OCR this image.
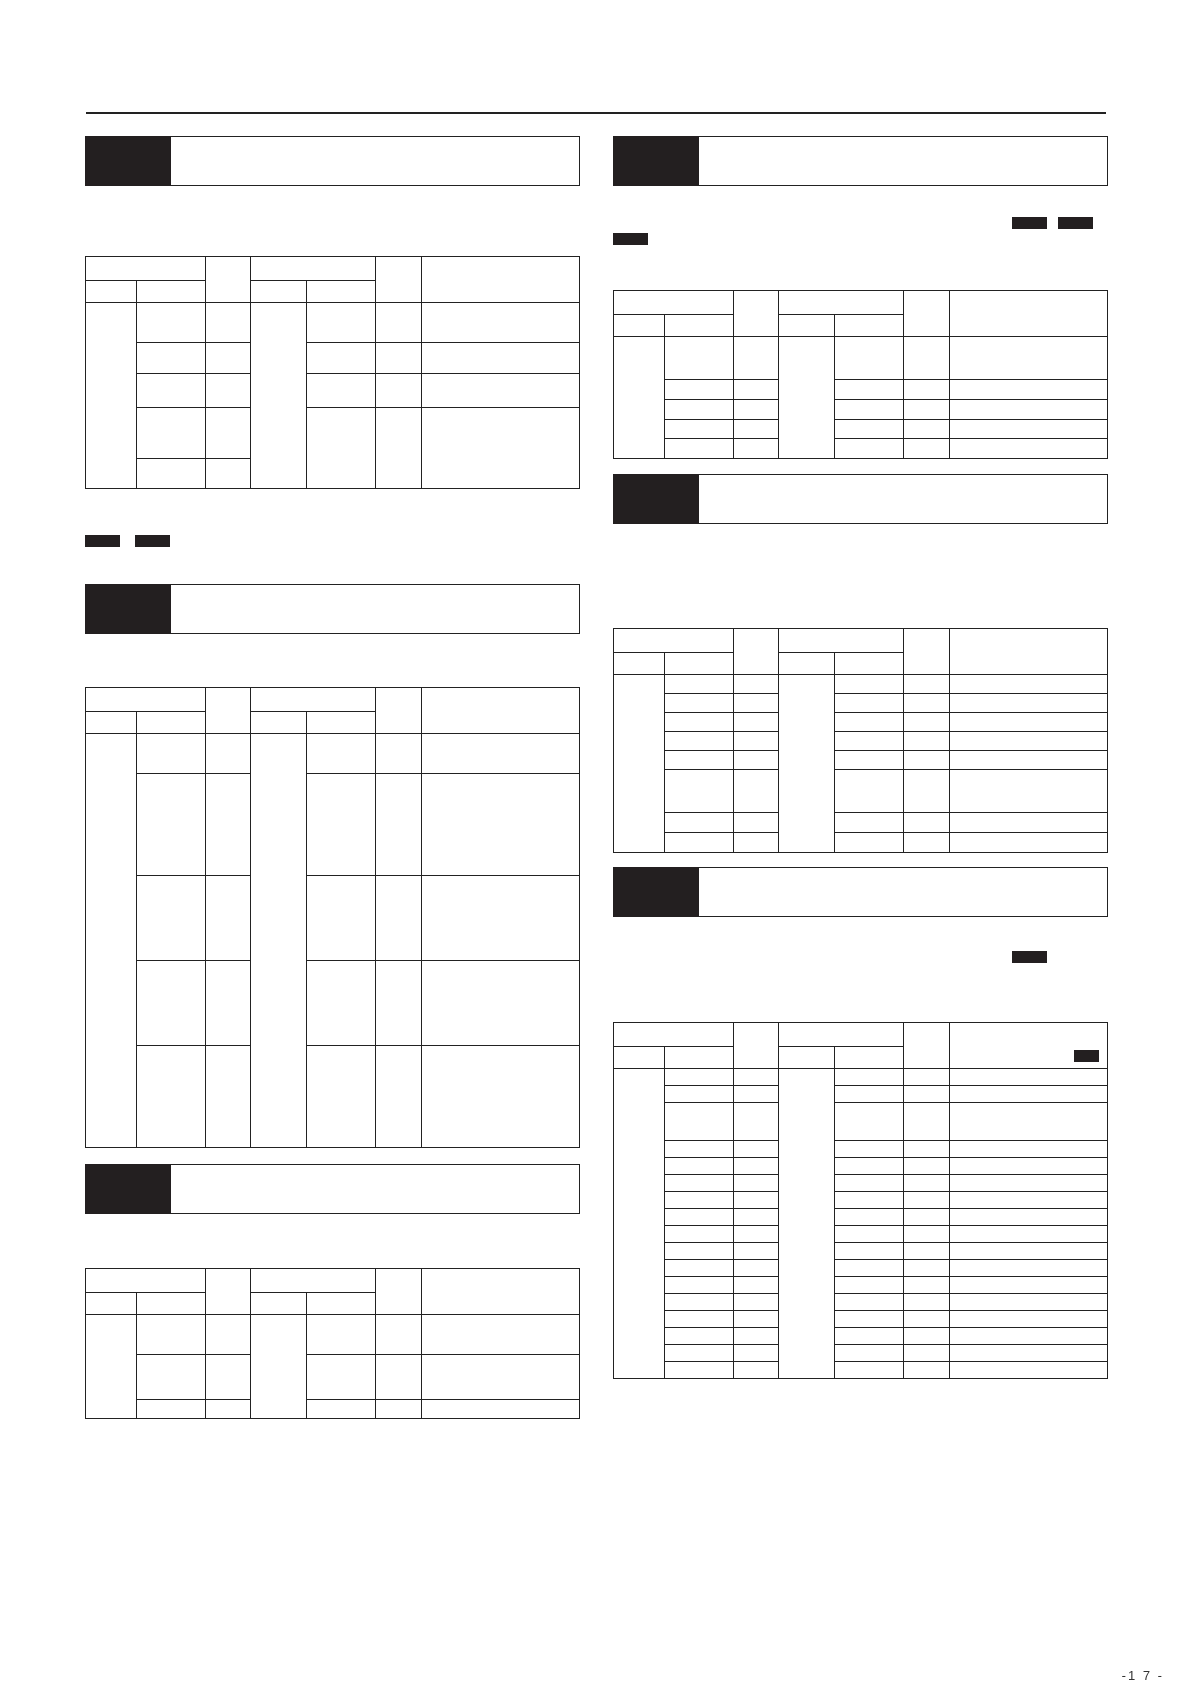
-1 7 -
